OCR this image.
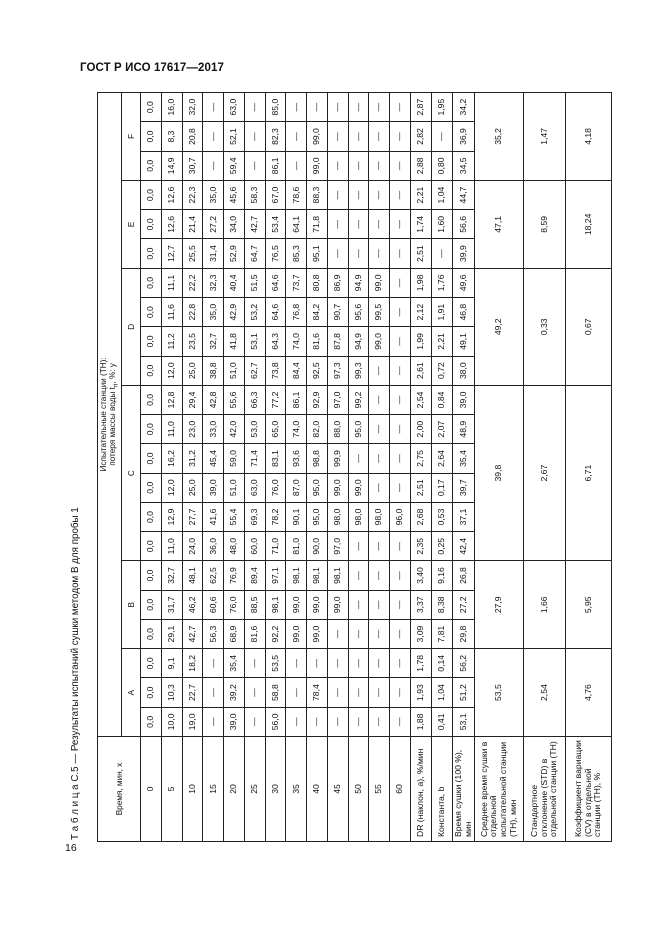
ГОСТ Р ИСО 17617—2017
Т а б л и ц а С.5 — Результаты испытаний сушки методом В для пробы 1	Время, мин, x	Испытательные станции (TH): потеря массы воды $t_{ri}$, %: y																					

	A			B			C						D				E			F		
0	0,0	0,0	0,0	0,0	0,0	0,0	0,0	0,0	0,0	0,0	0,0	0,0	0,0	0,0	0,0	0,0	0,0	0,0	0,0	0,0	0,0	0,0
5	10,0	10,3	9,1	29,1	31,7	32,7	11,0	12,9	12,0	16,2	11,0	12,8	12,0	11,2	11,6	11,1	12,7	12,6	12,6	14,9	8,3	16,0
10	19,0	22,7	18,2	42,7	46,2	48,1	24,0	27,7	25,0	31,2	23,0	29,4	25,0	23,5	22,8	22,2	25,5	21,4	22,3	30,7	20,8	32,0
15	—	—	—	56,3	60,6	62,5	36,0	41,6	39,0	45,4	33,0	42,8	38,8	32,7	35,0	32,3	31,4	27,2	35,0	—	—	—
20	39,0	39,2	35,4	68,9	76,0	76,9	48,0	55,4	51,0	59,0	42,0	55,6	51,0	41,8	42,9	40,4	52,9	34,0	45,6	59,4	52,1	63,0
25	—	—	—	81,6	88,5	89,4	60,0	69,3	63,0	71,4	53,0	66,3	62,7	53,1	53,2	51,5	64,7	42,7	58,3	—	—	—
30	56,0	58,8	53,5	92,2	98,1	97,1	71,0	78,2	76,0	83,1	65,0	77,2	73,8	64,3	64,6	64,6	76,5	53,4	67,0	86,1	82,3	85,0
35	—	—	—	99,0	99,0	98,1	81,0	90,1	87,0	93,6	74,0	86,1	84,4	74,0	76,8	73,7	85,3	64,1	78,6	—	—	—
40	—	78,4	—	99,0	99,0	98,1	90,0	95,0	95,0	98,8	82,0	92,9	92,5	81,6	84,2	80,8	95,1	71,8	88,3	99,0	99,0	—
45	—	—	—	—	99,0	98,1	97,0	98,0	99,0	99,9	88,0	97,0	97,3	87,8	90,7	86,9	—	—	—	—	—	—
50	—	—	—	—	—	—	—	98,0	99,0	—	95,0	99,2	99,3	94,9	95,6	94,9	—	—	—	—	—	—
55	—	—	—	—	—	—	—	98,0	—	—	—	—	—	99,0	99,5	99,0	—	—	—	—	—	—
60	—	—	—	—	—	—	—	96,0	—	—	—	—	—	—	—	—	—	—	—	—	—	—
DR (наклон, a), %/мин	1,88	1,93	1,78	3,09	3,37	3,40	2,35	2,68	2,51	2,75	2,00	2,54	2,61	1,99	2,12	1,98	2,51	1,74	2,21	2,88	2,82	2,87
Константа, b	0,41	1,04	0,14	7,81	8,38	9,16	0,25	0,53	0,17	2,64	2,07	0,84	0,72	2,21	1,91	1,76	—	1,60	1,04	0,80	—	1,95
Время сушки (100 %), мин	53,1	51,2	56,2	29,8	27,2	26,8	42,4	37,1	39,7	35,4	48,9	39,0	38,0	49,1	46,8	49,6	39,9	56,6	44,7	34,5	36,9	34,2
Среднее время сушки в отдельной испытательной станции (TH), мин	53,5			27,9			39,8						49,2				47,1			35,2		
Стандартное отклонение (STD) в отдельной станции (TH)	2,54			1,66			2,67						0,33				8,59			1,47		
Коэффициент вариации (CV) в отдельной станции (TH), %	4,76			5,95			6,71						0,67				18,24			4,18		
16
